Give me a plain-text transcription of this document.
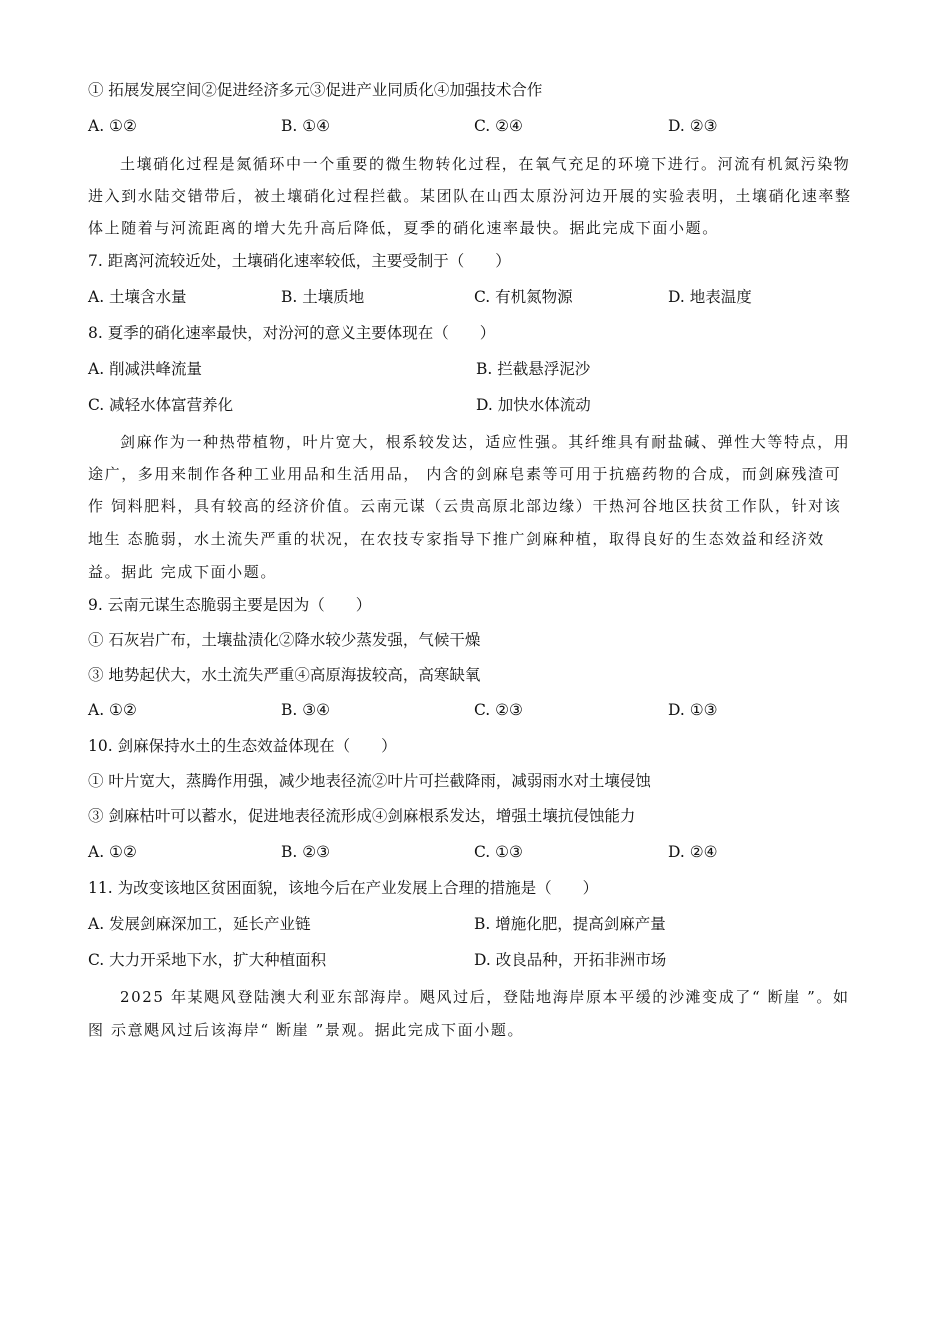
① 拓展发展空间②促进经济多元③促进产业同质化④加强技术合作
A. ①②	B. ①④	C. ②④	D. ②③
土壤硝化过程是氮循环中一个重要的微生物转化过程，在氧气充足的环境下进行。河流有机氮污染物
进入到水陆交错带后，被土壤硝化过程拦截。某团队在山西太原汾河边开展的实验表明，土壤硝化速率整
体上随着与河流距离的增大先升高后降低，夏季的硝化速率最快。据此完成下面小题。
7. 距离河流较近处，土壤硝化速率较低，主要受制于（　　）
A. 土壤含水量	B. 土壤质地	C. 有机氮物源	D. 地表温度
8. 夏季的硝化速率最快，对汾河的意义主要体现在（　　）
A. 削减洪峰流量	B. 拦截悬浮泥沙
C. 减轻水体富营养化	D. 加快水体流动
剑麻作为一种热带植物，叶片宽大，根系较发达，适应性强。其纤维具有耐盐碱、弹性大等特点，用
途广，多用来制作各种工业用品和生活用品， 内含的剑麻皂素等可用于抗癌药物的合成，而剑麻残渣可
作 饲料肥料，具有较高的经济价值。云南元谋（云贵高原北部边缘）干热河谷地区扶贫工作队，针对该
地生 态脆弱，水土流失严重的状况，在农技专家指导下推广剑麻种植，取得良好的生态效益和经济效
益。据此 完成下面小题。
9. 云南元谋生态脆弱主要是因为（　　）
① 石灰岩广布，土壤盐渍化②降水较少蒸发强，气候干燥
③ 地势起伏大，水土流失严重④高原海拔较高，高寒缺氧
A. ①②	B. ③④	C. ②③	D. ①③
10. 剑麻保持水土的生态效益体现在（　　）
① 叶片宽大，蒸腾作用强，减少地表径流②叶片可拦截降雨，减弱雨水对土壤侵蚀
③ 剑麻枯叶可以蓄水，促进地表径流形成④剑麻根系发达，增强土壤抗侵蚀能力
A. ①②	B. ②③	C. ①③	D. ②④
11. 为改变该地区贫困面貌，该地今后在产业发展上合理的措施是（　　）
A. 发展剑麻深加工，延长产业链	B. 增施化肥，提高剑麻产量
C. 大力开采地下水，扩大种植面积	D. 改良品种，开拓非洲市场
2025 年某飓风登陆澳大利亚东部海岸。飓风过后，登陆地海岸原本平缓的沙滩变成了“ 断崖 ”。如
图 示意飓风过后该海岸“ 断崖 ”景观。据此完成下面小题。
